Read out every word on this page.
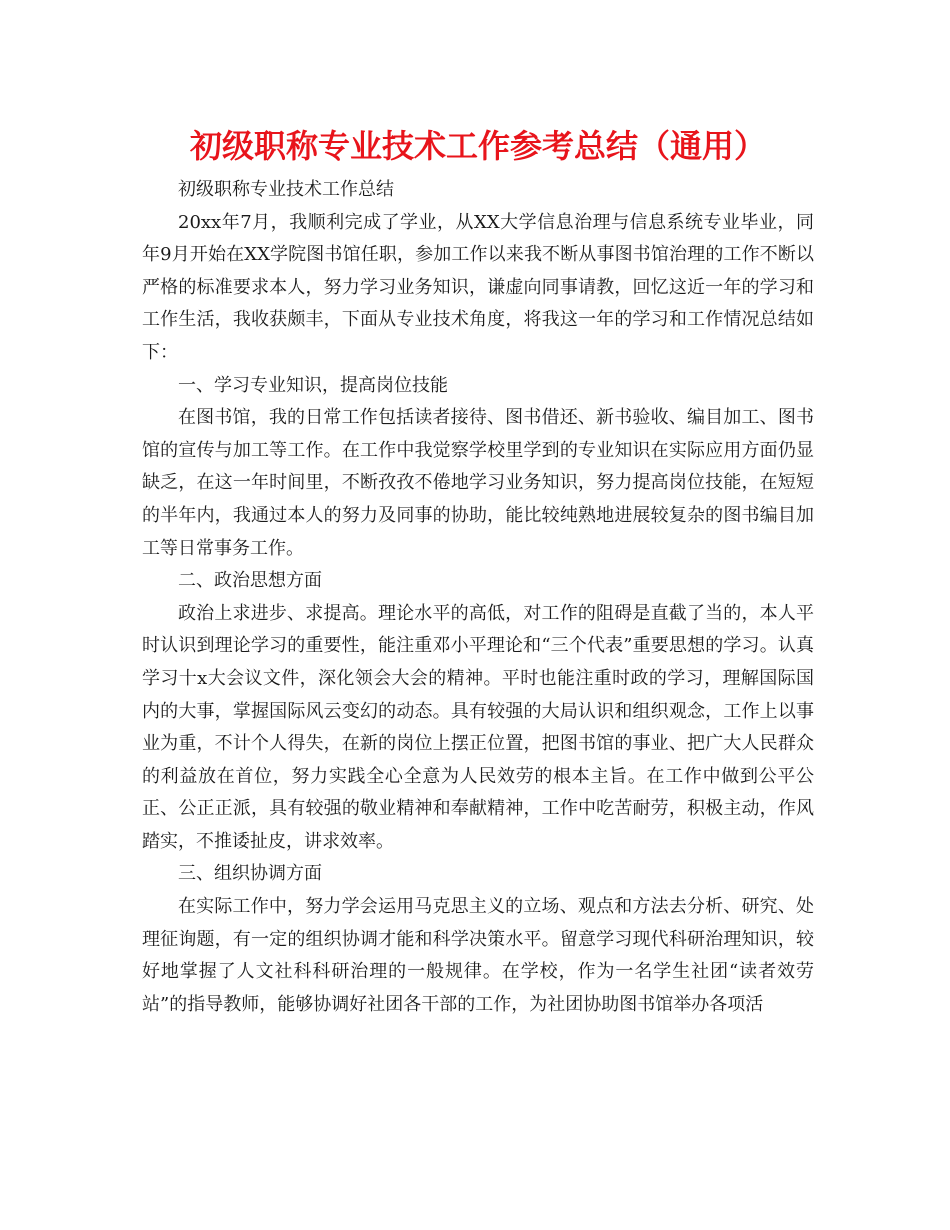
初级职称专业技术工作参考总结（通用）

初级职称专业技术工作总结

20xx年7月，我顺利完成了学业，从XX大学信息治理与信息系统专业毕业，同年9月开始在XX学院图书馆任职，参加工作以来我不断从事图书馆治理的工作不断以严格的标准要求本人，努力学习业务知识，谦虚向同事请教，回忆这近一年的学习和工作生活，我收获颇丰，下面从专业技术角度，将我这一年的学习和工作情况总结如下：

一、学习专业知识，提高岗位技能

在图书馆，我的日常工作包括读者接待、图书借还、新书验收、编目加工、图书馆的宣传与加工等工作。在工作中我觉察学校里学到的专业知识在实际应用方面仍显缺乏，在这一年时间里，不断孜孜不倦地学习业务知识，努力提高岗位技能，在短短的半年内，我通过本人的努力及同事的协助，能比较纯熟地进展较复杂的图书编目加工等日常事务工作。

二、政治思想方面

政治上求进步、求提高。理论水平的高低，对工作的阻碍是直截了当的，本人平时认识到理论学习的重要性，能注重邓小平理论和“三个代表”重要思想的学习。认真学习十x大会议文件，深化领会大会的精神。平时也能注重时政的学习，理解国际国内的大事，掌握国际风云变幻的动态。具有较强的大局认识和组织观念，工作上以事业为重，不计个人得失，在新的岗位上摆正位置，把图书馆的事业、把广大人民群众的利益放在首位，努力实践全心全意为人民效劳的根本主旨。在工作中做到公平公正、公正正派，具有较强的敬业精神和奉献精神，工作中吃苦耐劳，积极主动，作风踏实，不推诿扯皮，讲求效率。

三、组织协调方面

在实际工作中，努力学会运用马克思主义的立场、观点和方法去分析、研究、处理征询题，有一定的组织协调才能和科学决策水平。留意学习现代科研治理知识，较好地掌握了人文社科科研治理的一般规律。在学校，作为一名学生社团“读者效劳站”的指导教师，能够协调好社团各干部的工作，为社团协助图书馆举办各项活
